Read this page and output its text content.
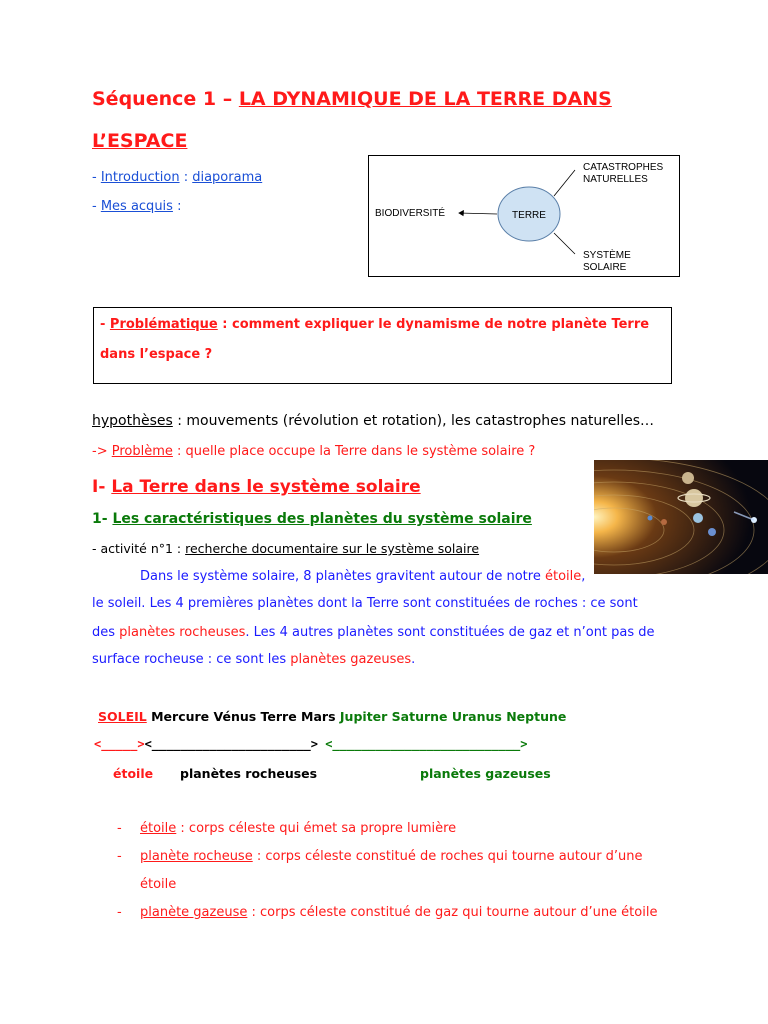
Séquence 1 – LA DYNAMIQUE DE LA TERRE DANS
L’ESPACE
- Introduction : diaporama
- Mes acquis :
TERRE
BIODIVERSITÉ
CATASTROPHES
NATURELLES
SYSTÈME
SOLAIRE
- Problématique : comment expliquer le dynamisme de notre planète Terre
dans l’espace ?
hypothèses : mouvements (révolution et rotation), les catastrophes naturelles…
-> Problème : quelle place occupe la Terre dans le système solaire ?
I- La Terre dans le système solaire
1- Les caractéristiques des planètes du système solaire
- activité n°1 : recherche documentaire sur le système solaire
Dans le système solaire, 8 planètes gravitent autour de notre étoile,
le soleil. Les 4 premières planètes dont la Terre sont constituées de roches : ce sont
des planètes rocheuses. Les 4 autres planètes sont constituées de gaz et n’ont pas de
surface rocheuse : ce sont les planètes gazeuses.
SOLEIL Mercure Vénus Terre Mars Jupiter Saturne Uranus Neptune
<_____><______________________> <__________________________>
étoile planètes rocheuses	planètes gazeuses
- étoile : corps céleste qui émet sa propre lumière
- planète rocheuse : corps céleste constitué de roches qui tourne autour d’une
étoile
- planète gazeuse : corps céleste constitué de gaz qui tourne autour d’une étoile
